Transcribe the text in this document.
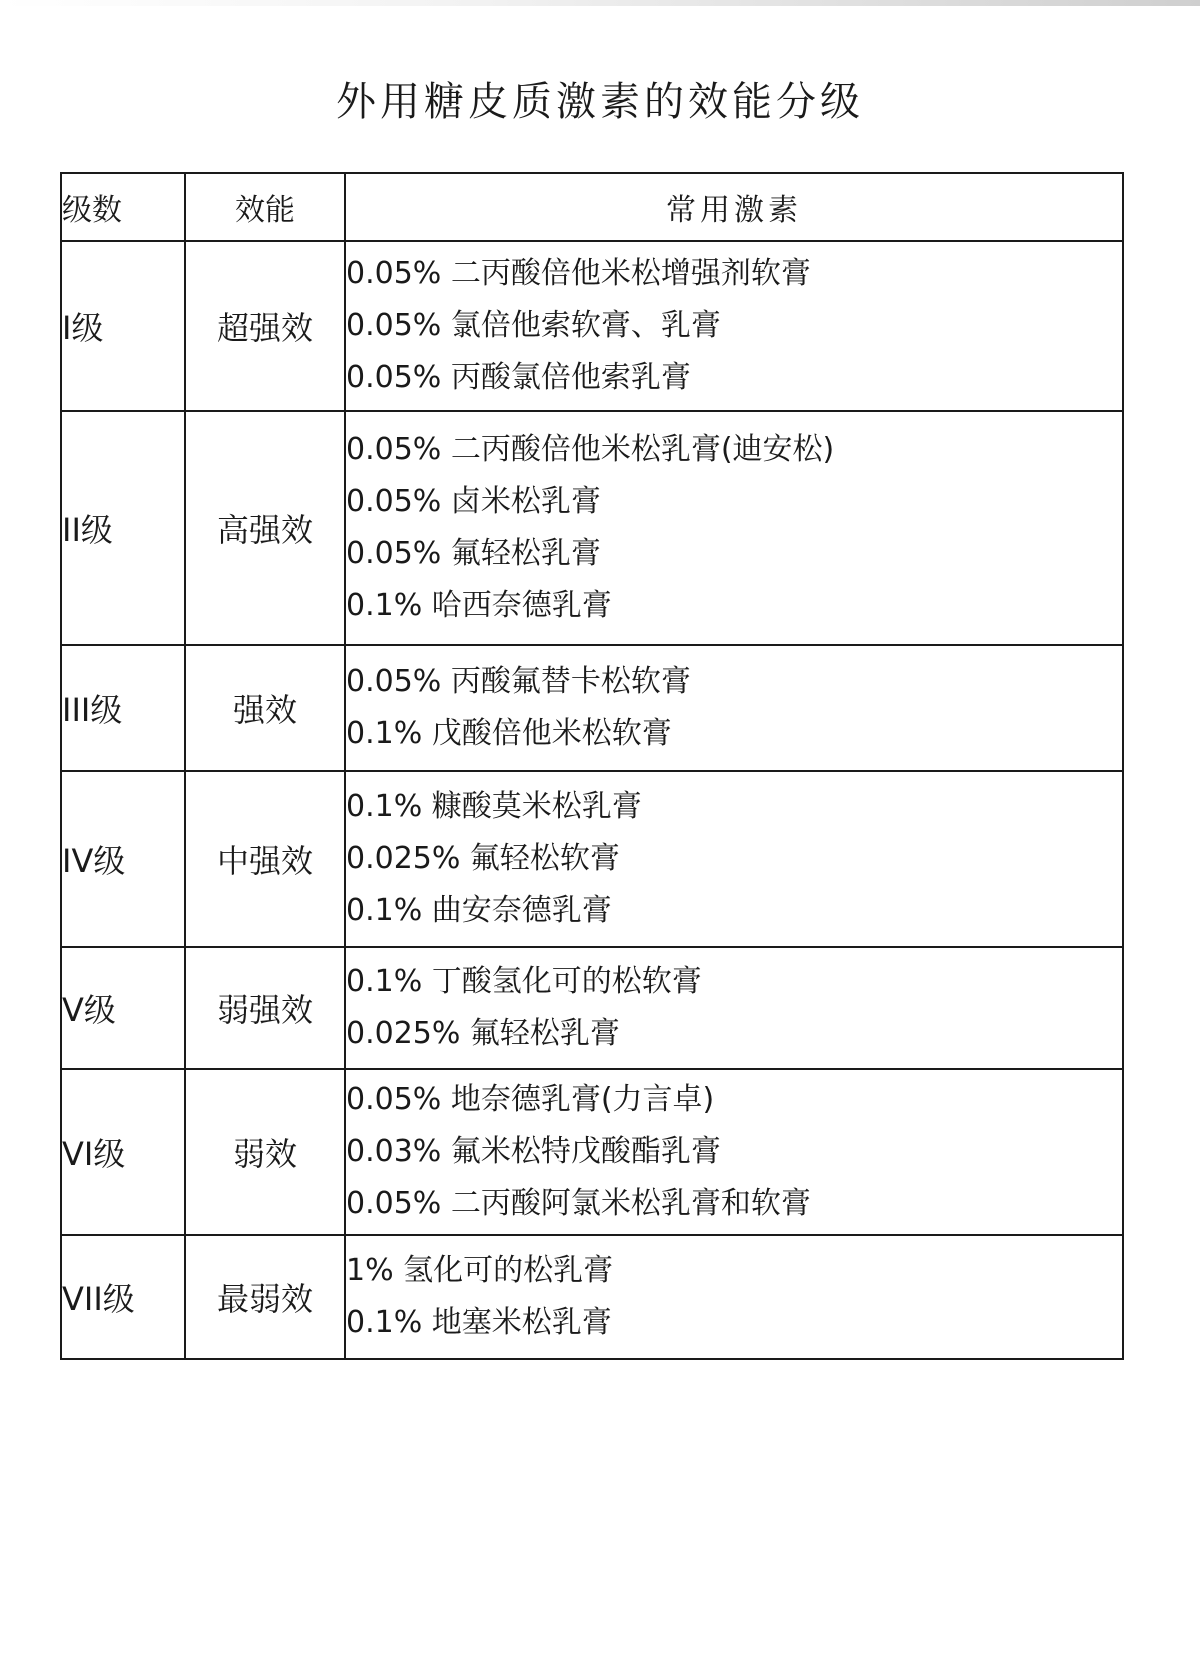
外用糖皮质激素的效能分级
级数	效能	常用激素
I级	超强效	0.05% 二丙酸倍他米松增强剂软膏
0.05% 氯倍他索软膏、乳膏
0.05% 丙酸氯倍他索乳膏

II级	高强效	0.05% 二丙酸倍他米松乳膏(迪安松)
0.05% 卤米松乳膏
0.05% 氟轻松乳膏
0.1% 哈西奈德乳膏

III级	强效	0.05% 丙酸氟替卡松软膏
0.1% 戊酸倍他米松软膏

IV级	中强效	0.1% 糠酸莫米松乳膏
0.025% 氟轻松软膏
0.1% 曲安奈德乳膏

V级	弱强效	0.1% 丁酸氢化可的松软膏
0.025% 氟轻松乳膏

VI级	弱效	0.05% 地奈德乳膏(力言卓)
0.03% 氟米松特戊酸酯乳膏
0.05% 二丙酸阿氯米松乳膏和软膏

VII级	最弱效	1% 氢化可的松乳膏
0.1% 地塞米松乳膏
